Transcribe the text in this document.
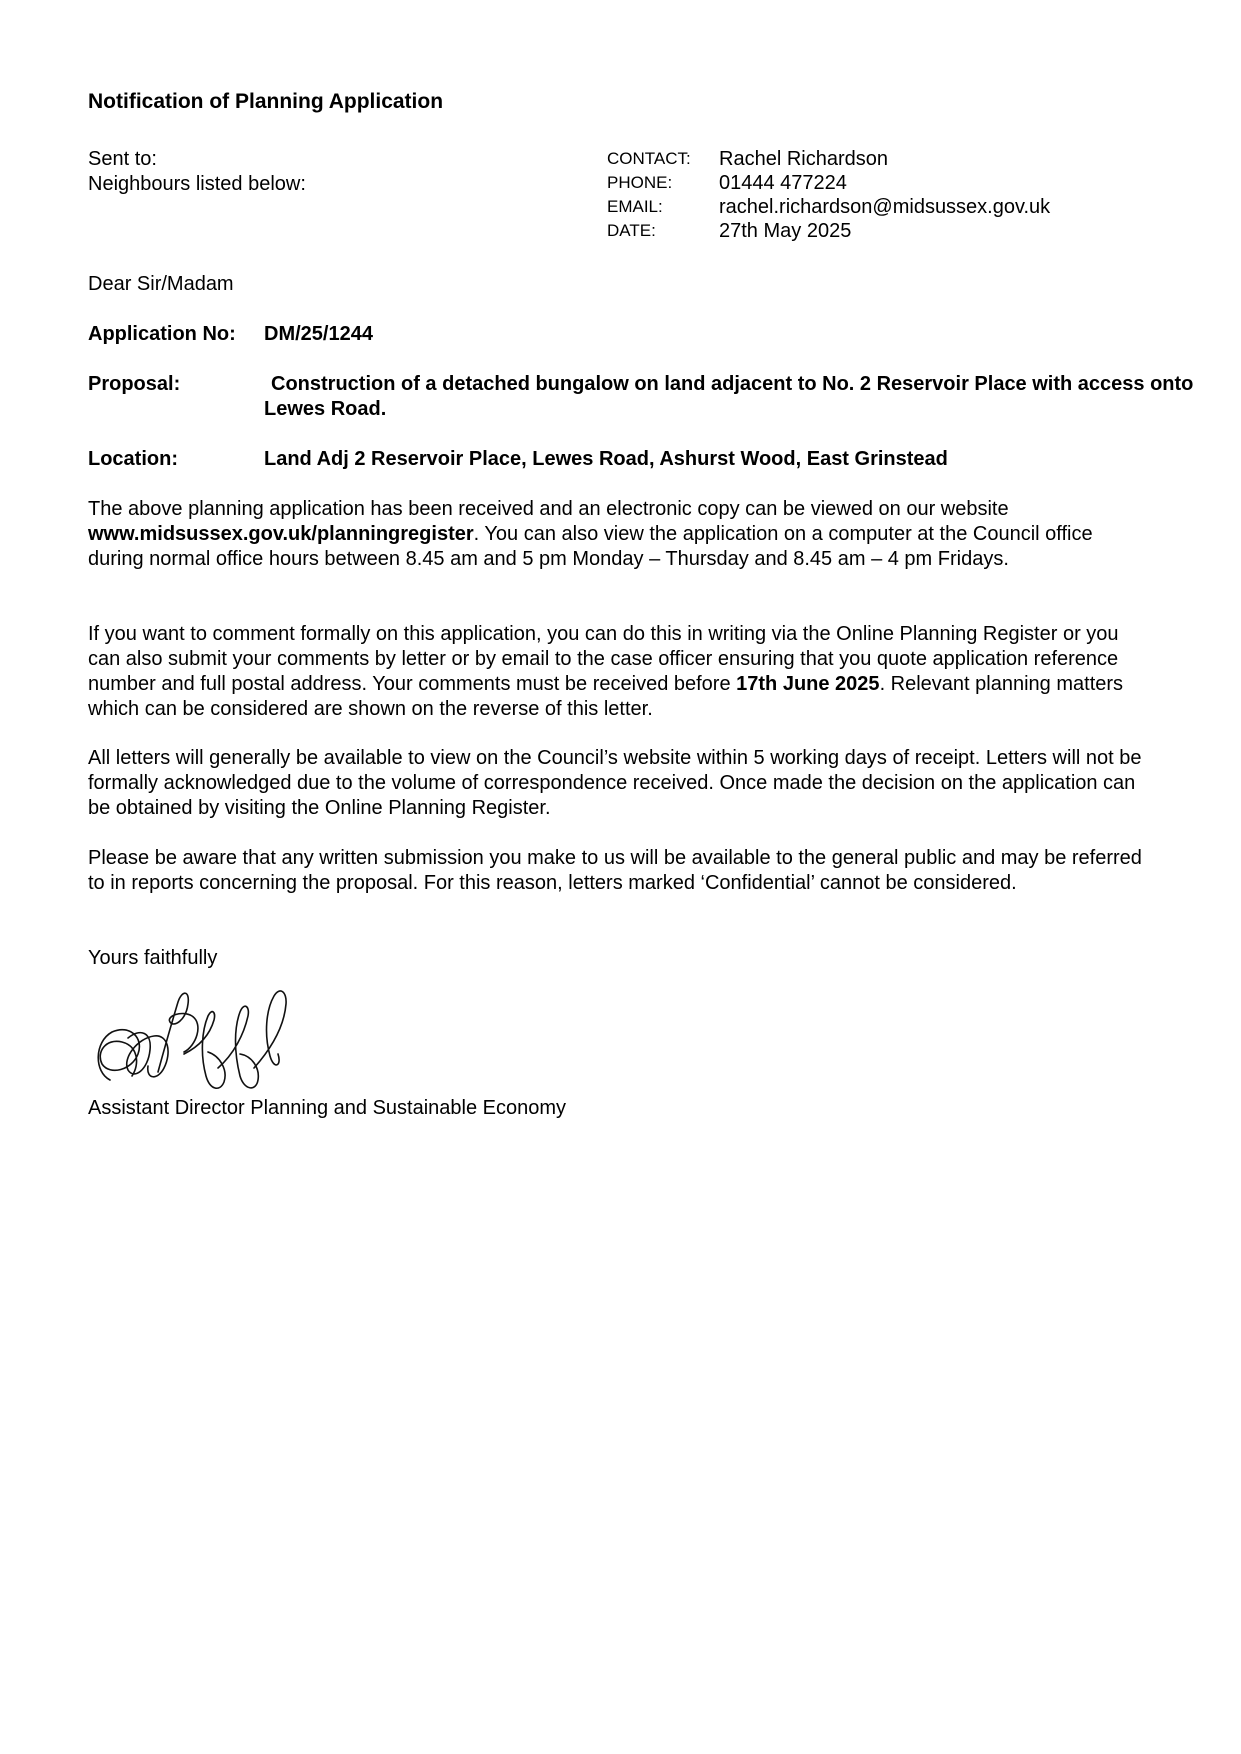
Notification of Planning Application
Sent to:
Neighbours listed below:
CONTACT:	Rachel Richardson
PHONE:	01444 477224
EMAIL:	rachel.richardson@midsussex.gov.uk
DATE:	27th May 2025
Dear Sir/Madam
Application No: DM/25/1244
Proposal:	Construction of a detached bungalow on land adjacent to No. 2 Reservoir Place with access onto Lewes Road.
Location:	Land Adj 2 Reservoir Place, Lewes Road, Ashurst Wood, East Grinstead
The above planning application has been received and an electronic copy can be viewed on our website
www.midsussex.gov.uk/planningregister. You can also view the application on a computer at the Council office during normal office hours between 8.45 am and 5 pm Monday – Thursday and 8.45 am – 4 pm Fridays.
If you want to comment formally on this application, you can do this in writing via the Online Planning Register or you can also submit your comments by letter or by email to the case officer ensuring that you quote application reference number and full postal address. Your comments must be received before 17th June 2025. Relevant planning matters which can be considered are shown on the reverse of this letter.
All letters will generally be available to view on the Council’s website within 5 working days of receipt. Letters will not be formally acknowledged due to the volume of correspondence received. Once made the decision on the application can be obtained by visiting the Online Planning Register.
Please be aware that any written submission you make to us will be available to the general public and may be referred to in reports concerning the proposal. For this reason, letters marked ‘Confidential’ cannot be considered.
Yours faithfully
Assistant Director Planning and Sustainable Economy
